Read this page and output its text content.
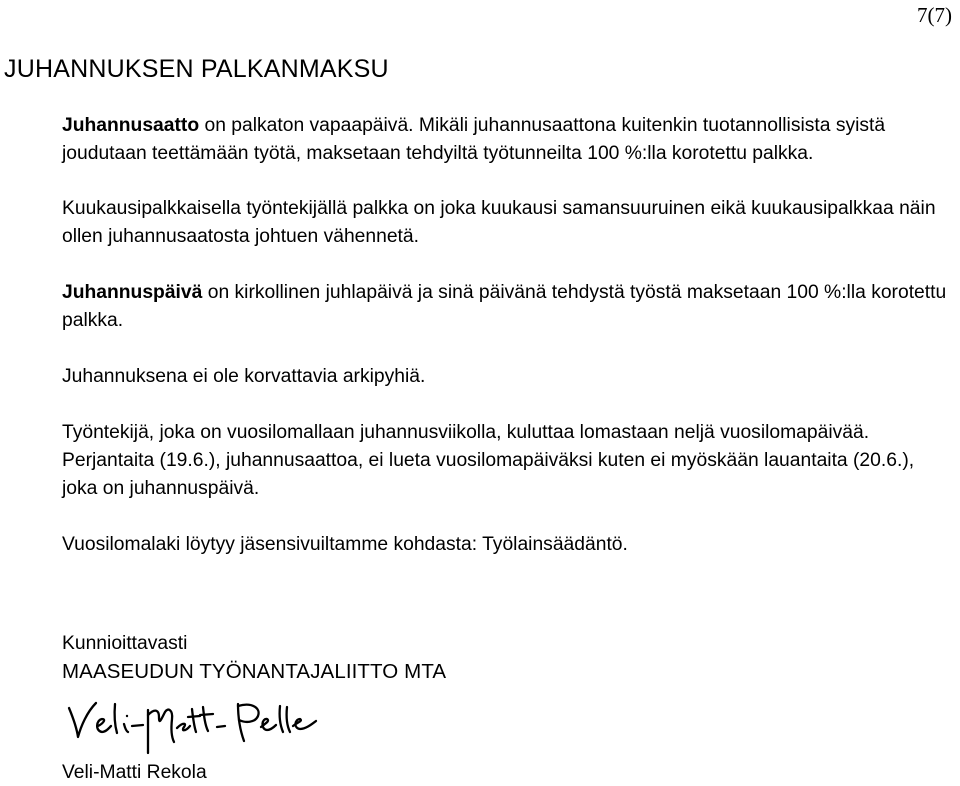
7(7)
JUHANNUKSEN PALKANMAKSU

Juhannusaatto on palkaton vapaapäivä. Mikäli juhannusaattona kuitenkin tuotannollisista syistä joudutaan teettämään työtä, maksetaan tehdyiltä työtunneilta 100 %:lla korotettu palkka.

Kuukausipalkkaisella työntekijällä palkka on joka kuukausi samansuuruinen eikä kuukausipalkkaa näin ollen juhannusaatosta johtuen vähennetä.

Juhannuspäivä on kirkollinen juhlapäivä ja sinä päivänä tehdystä työstä maksetaan 100 %:lla korotettu palkka.

Juhannuksena ei ole korvattavia arkipyhiä.

Työntekijä, joka on vuosilomallaan juhannusviikolla, kuluttaa lomastaan neljä vuosilomapäivää. Perjantaita (19.6.), juhannusaattoa, ei lueta vuosilomapäiväksi kuten ei myöskään lauantaita (20.6.), joka on juhannuspäivä.

Vuosilomalaki löytyy jäsensivuiltamme kohdasta: Työlainsäädäntö.

Kunnioittavasti

MAASEUDUN TYÖNANTAJALIITTO MTA

Veli-Matti Rekola
